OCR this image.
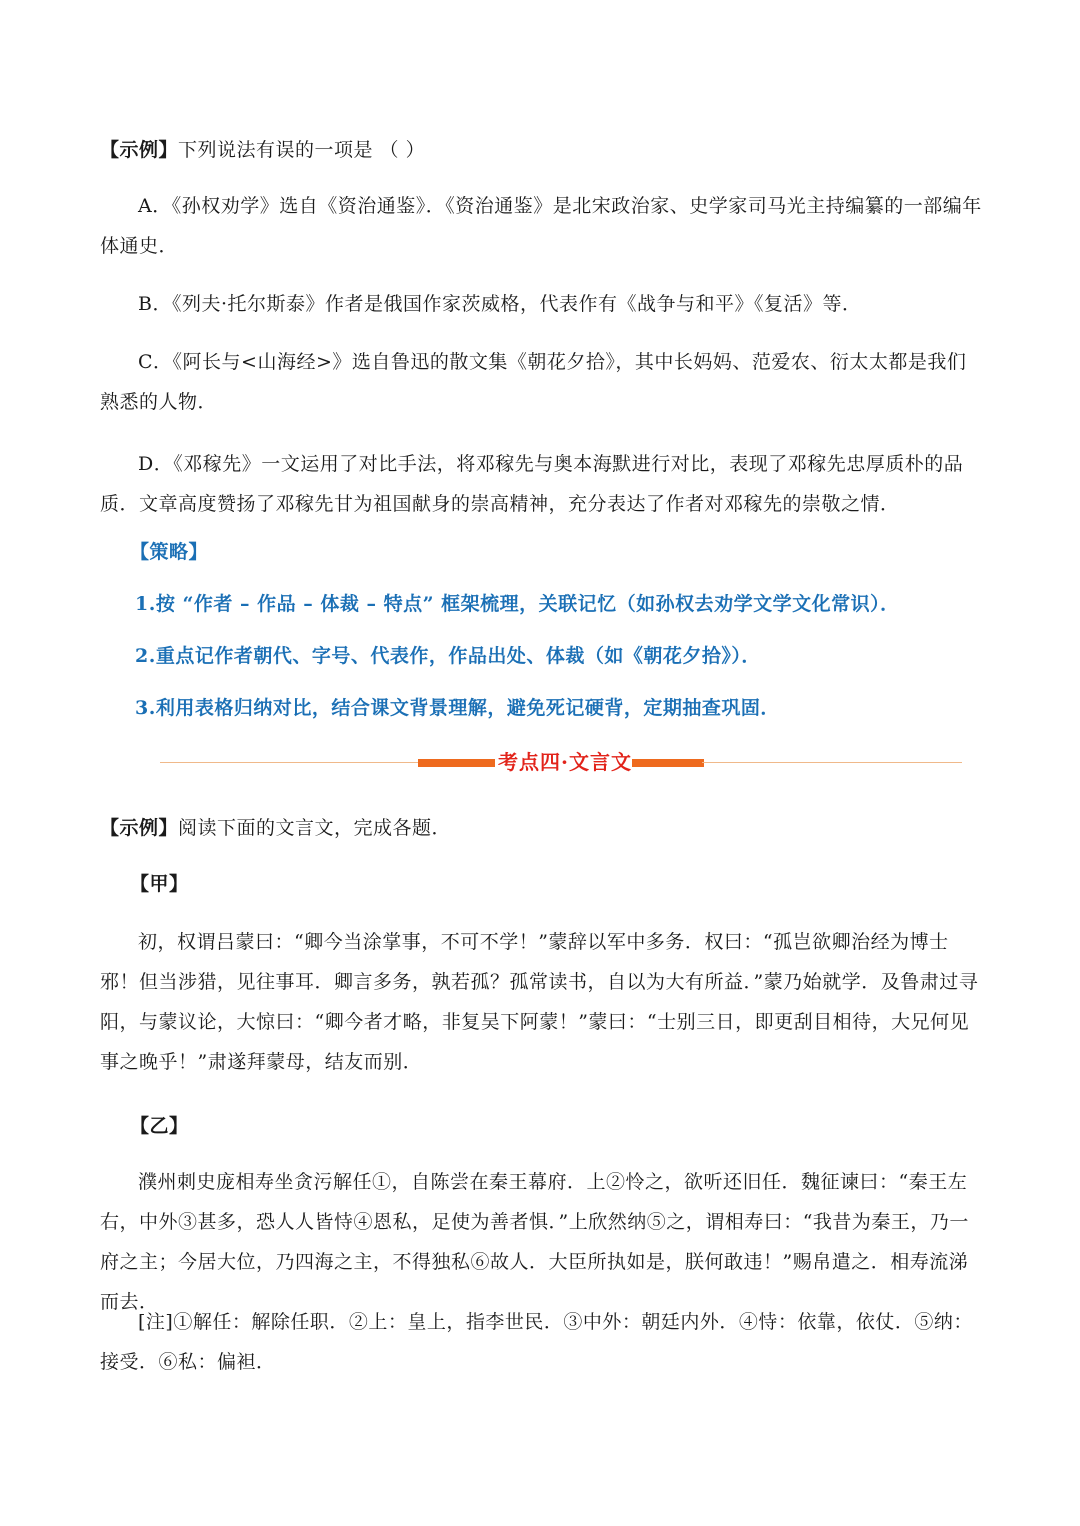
【示例】下列说法有误的一项是 （ ）

A．《孙权劝学》选自《资治通鉴》．《资治通鉴》是北宋政治家、史学家司马光主持编纂的一部编年体通史．

B．《列夫·托尔斯泰》作者是俄国作家茨威格，代表作有《战争与和平》《复活》等．

C．《阿长与<山海经>》选自鲁迅的散文集《朝花夕拾》，其中长妈妈、范爱农、衍太太都是我们熟悉的人物．

D．《邓稼先》一文运用了对比手法，将邓稼先与奥本海默进行对比，表现了邓稼先忠厚质朴的品质．文章高度赞扬了邓稼先甘为祖国献身的崇高精神，充分表达了作者对邓稼先的崇敬之情．

【策略】

1.按 “作者 – 作品 – 体裁 – 特点” 框架梳理，关联记忆（如孙权去劝学文学文化常识）．

2.重点记作者朝代、字号、代表作，作品出处、体裁（如《朝花夕拾》）．

3.利用表格归纳对比，结合课文背景理解，避免死记硬背，定期抽查巩固．

考点四·文言文

【示例】阅读下面的文言文，完成各题．

【甲】

初，权谓吕蒙曰：“卿今当涂掌事，不可不学！”蒙辞以军中多务．权曰：“孤岂欲卿治经为博士邪！但当涉猎，见往事耳．卿言多务，孰若孤？孤常读书，自以为大有所益．”蒙乃始就学．及鲁肃过寻阳，与蒙议论，大惊曰：“卿今者才略，非复吴下阿蒙！”蒙曰：“士别三日，即更刮目相待，大兄何见事之晚乎！”肃遂拜蒙母，结友而别．

【乙】

濮州刺史庞相寿坐贪污解任①，自陈尝在秦王幕府．上②怜之，欲听还旧任．魏征谏曰：“秦王左右，中外③甚多，恐人人皆恃④恩私，足使为善者惧．”上欣然纳⑤之，谓相寿曰：“我昔为秦王，乃一府之主；今居大位，乃四海之主，不得独私⑥故人．大臣所执如是，朕何敢违！”赐帛遣之．相寿流涕而去．

[注]①解任：解除任职．②上：皇上，指李世民．③中外：朝廷内外．④恃：依靠，依仗．⑤纳：接受．⑥私：偏袒．
